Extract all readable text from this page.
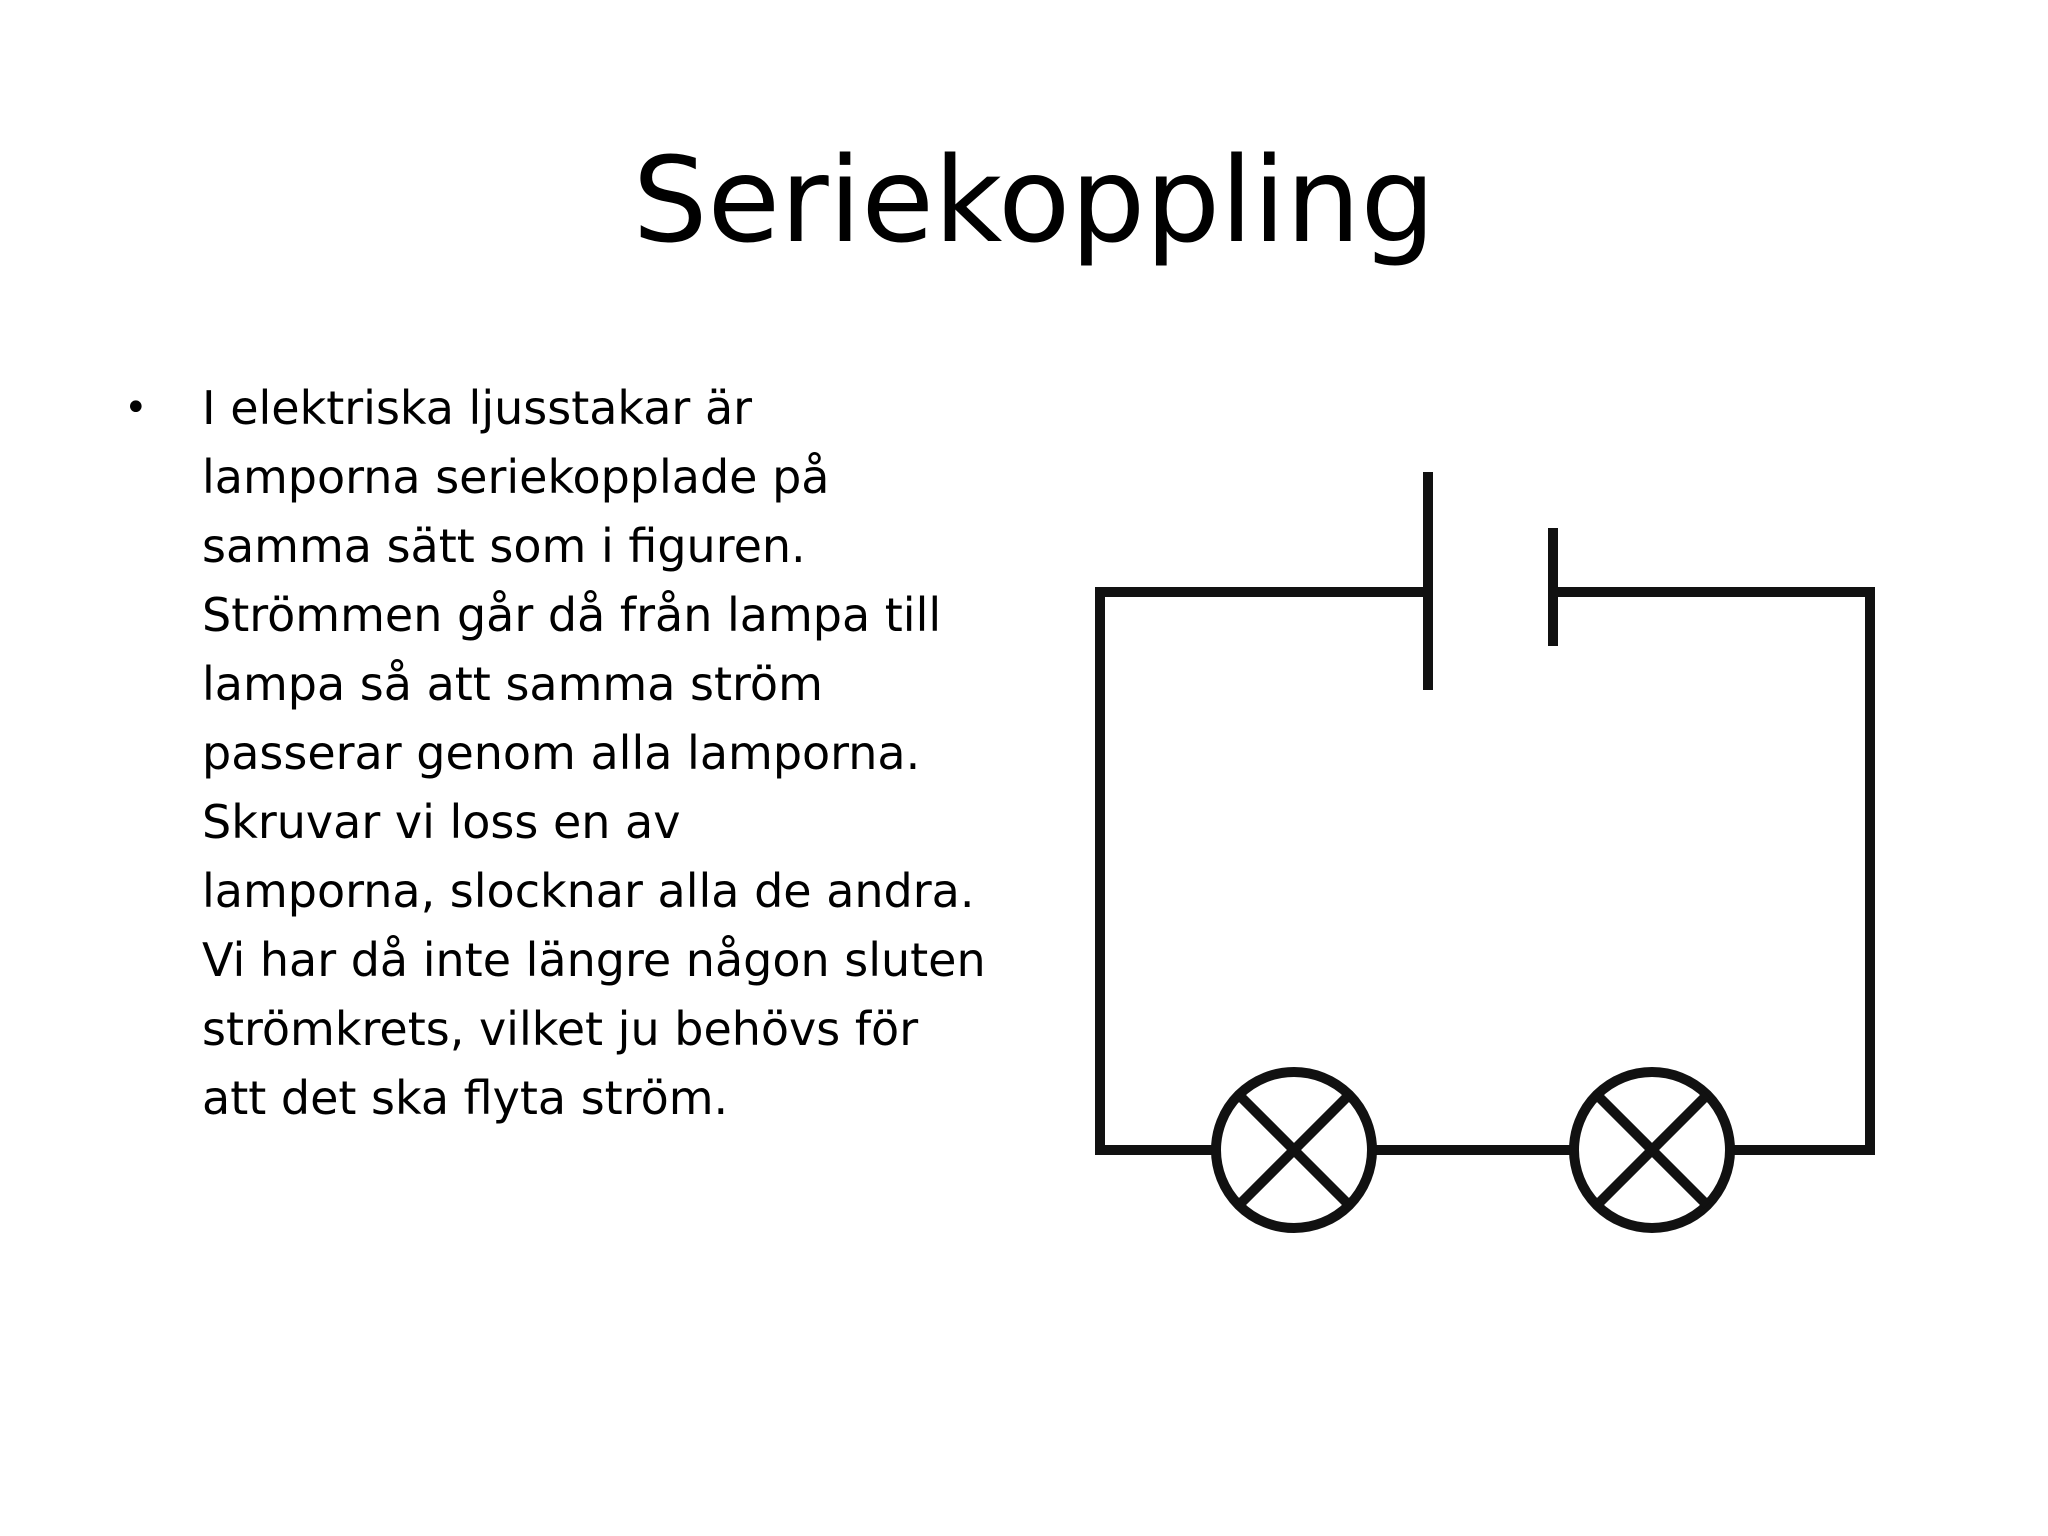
Seriekoppling
•	I elektriska ljusstakar är
lamporna seriekopplade på
samma sätt som i figuren.
Strömmen går då från lampa till
lampa så att samma ström
passerar genom alla lamporna.
Skruvar vi loss en av
lamporna, slocknar alla de andra.
Vi har då inte längre någon sluten
strömkrets, vilket ju behövs för
att det ska flyta ström.
